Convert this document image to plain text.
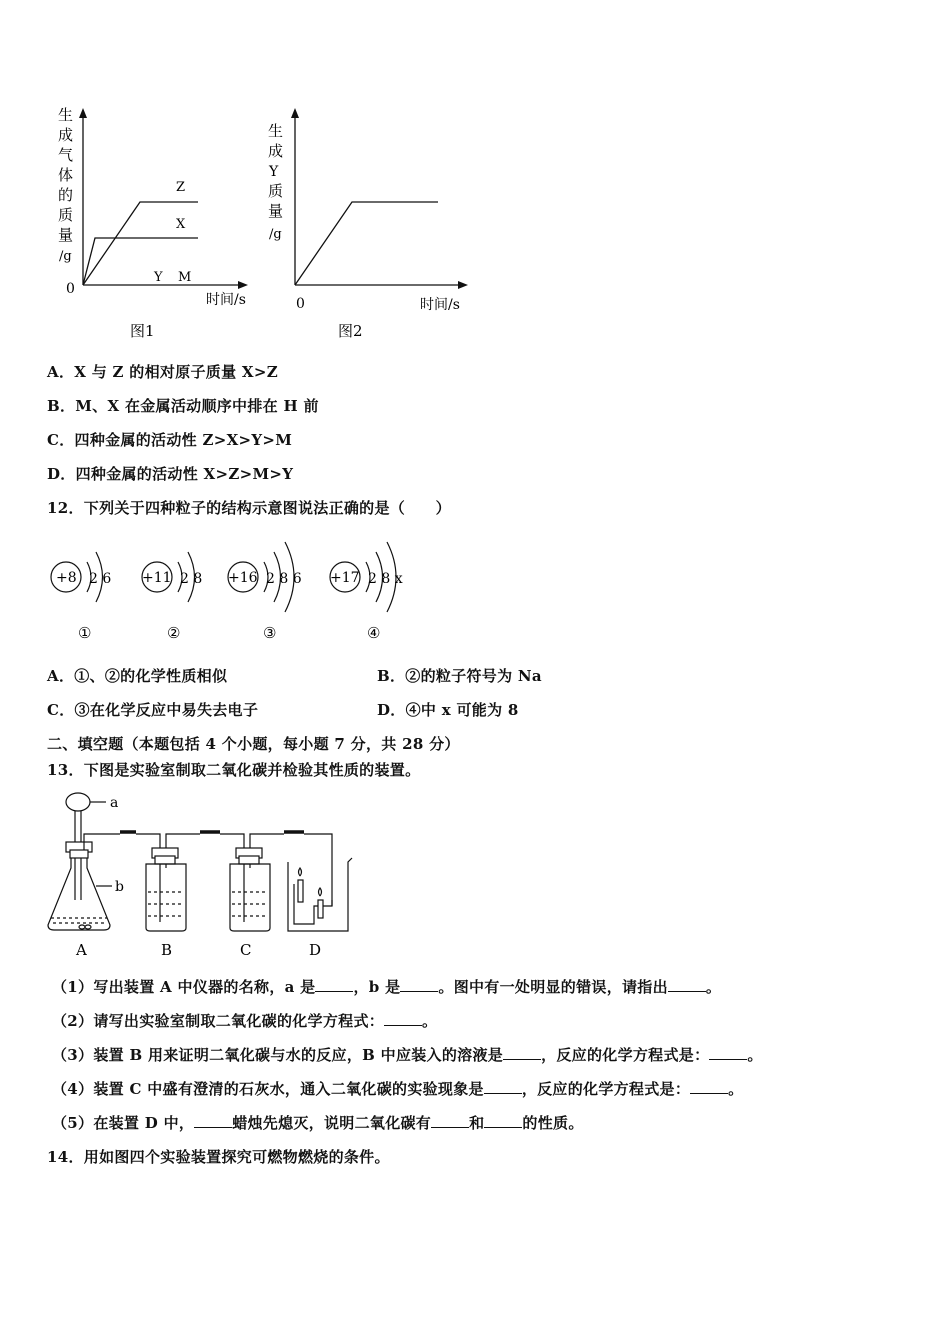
生
成
气
体
的
质
量
/g
0
时间/s
Z
X
Y M
图1
生
成
Y
质
量
/g
0	时间/s
图2
A．X 与 Z 的相对原子质量 X>Z
B．M、X 在金属活动顺序中排在 H 前
C．四种金属的活动性 Z>X>Y>M
D．四种金属的活动性 X>Z>M>Y
12．下列关于四种粒子的结构示意图说法正确的是（　　）
+8 2 6
①
+11 2 8
②
+16 2 8 6
③
+17 2 8 x
④
A．①、②的化学性质相似	B．②的粒子符号为 Na
C．③在化学反应中易失去电子	D．④中 x 可能为 8
二、填空题（本题包括 4 个小题，每小题 7 分，共 28 分）
13．下图是实验室制取二氧化碳并检验其性质的装置。
a
b
A	B	C	D
（1）写出装置 A 中仪器的名称，a 是	，b 是	。图中有一处明显的错误，请指出	。
（2）请写出实验室制取二氧化碳的化学方程式：	。
（3）装置 B 用来证明二氧化碳与水的反应，B 中应装入的溶液是	，反应的化学方程式是：	。
（4）装置 C 中盛有澄清的石灰水，通入二氧化碳的实验现象是	，反应的化学方程式是：	。
（5）在装置 D 中，	蜡烛先熄灭，说明二氧化碳有	和	的性质。
14．用如图四个实验装置探究可燃物燃烧的条件。
